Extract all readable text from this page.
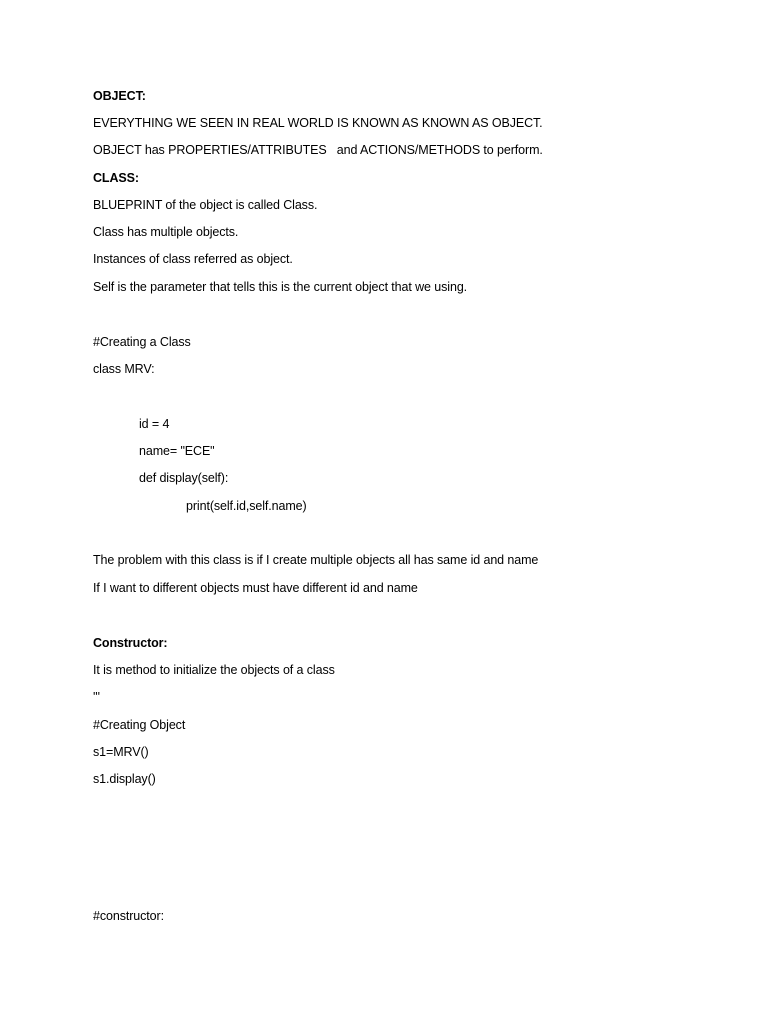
OBJECT:
EVERYTHING WE SEEN IN REAL WORLD IS KNOWN AS KNOWN AS OBJECT.
OBJECT has PROPERTIES/ATTRIBUTES   and ACTIONS/METHODS to perform.
CLASS:
BLUEPRINT of the object is called Class.
Class has multiple objects.
Instances of class referred as object.
Self is the parameter that tells this is the current object that we using.
#Creating a Class
class MRV:
id = 4
name= "ECE"
def display(self):
print(self.id,self.name)
The problem with this class is if I create multiple objects all has same id and name
If I want to different objects must have different id and name
Constructor:
It is method to initialize the objects of a class
'''
#Creating Object
s1=MRV()
s1.display()
#constructor:
